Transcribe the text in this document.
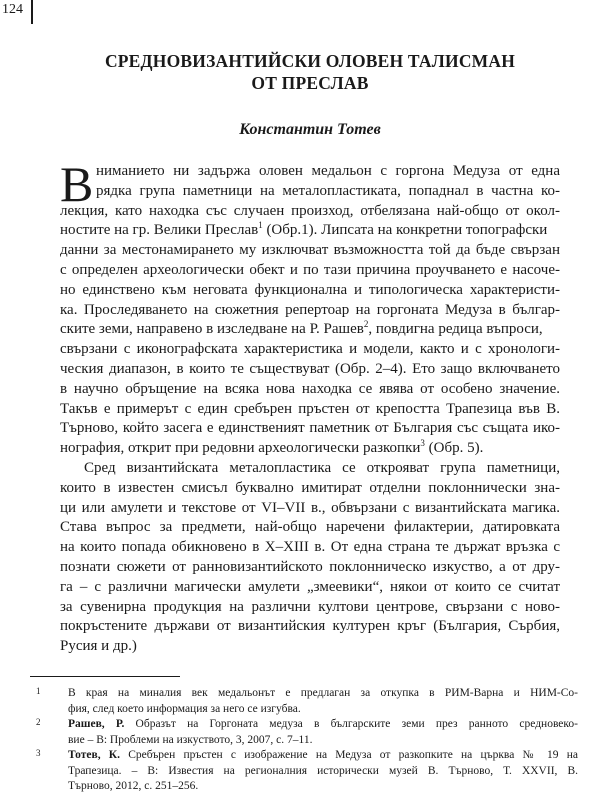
124
СРЕДНОВИЗАНТИЙСКИ ОЛОВЕН ТАЛИСМАН
ОТ ПРЕСЛАВ
Константин Тотев
В ниманието ни задържа оловен медальон с горгона Медуза от една
рядка група паметници на металопластиката, попаднал в частна ко-
лекция, като находка със случаен произход, отбелязана най-общо от окол-
ностите на гр. Велики Преслав$^1$ (Обр.1). Липсата на конкретни топографски
данни за местонамирането му изключват възможността той да бъде свързан
с определен археологически обект и по тази причина проучването е насоче-
но единствено към неговата функционална и типологическа характеристи-
ка. Проследяването на сюжетния репертоар на горгоната Медуза в българ-
ските земи, направено в изследване на Р. Рашев$^2$, повдигна редица въпроси,
свързани с иконографската характеристика и модели, както и с хронологи-
ческия диапазон, в които те съществуват (Обр. 2–4). Ето защо включването
в научно обръщение на всяка нова находка се явява от особено значение.
Такъв е примерът с един сребърен пръстен от крепостта Трапезица във В.
Търново, който засега е единственият паметник от България със същата ико-
нография, открит при редовни археологически разкопки$^3$ (Обр. 5).
Сред византийската металопластика се открояват група паметници,
които в известен смисъл буквално имитират отделни поклоннически зна-
ци или амулети и текстове от VI–VII в., обвързани с византийската магика.
Става въпрос за предмети, най-общо наречени филактерии, датировката
на които попада обикновено в X–XIII в. От една страна те държат връзка с
познати сюжети от ранновизантийското поклонническо изкуство, а от дру-
га – с различни магически амулети „змеевики“, някои от които се считат
за сувенирна продукция на различни култови центрове, свързани с ново-
покръстените държави от византийския културен кръг (България, Сърбия,
Русия и др.)
1 В края на миналия век медальонът е предлаган за откупка в РИМ-Варна и НИМ-Со-
фия, след което информация за него се изгубва.
2 Рашев, Р. Образът на Горгоната медуза в българските земи през ранното средновеко-
вие – В: Проблеми на изкуството, 3, 2007, с. 7–11.
3 Тотев, К. Сребърен пръстен с изображение на Медуза от разкопките на църква № 19 на
Трапезица. – В: Известия на регионалния исторически музей В. Търново, Т. XXVII, В.
Търново, 2012, с. 251–256.
